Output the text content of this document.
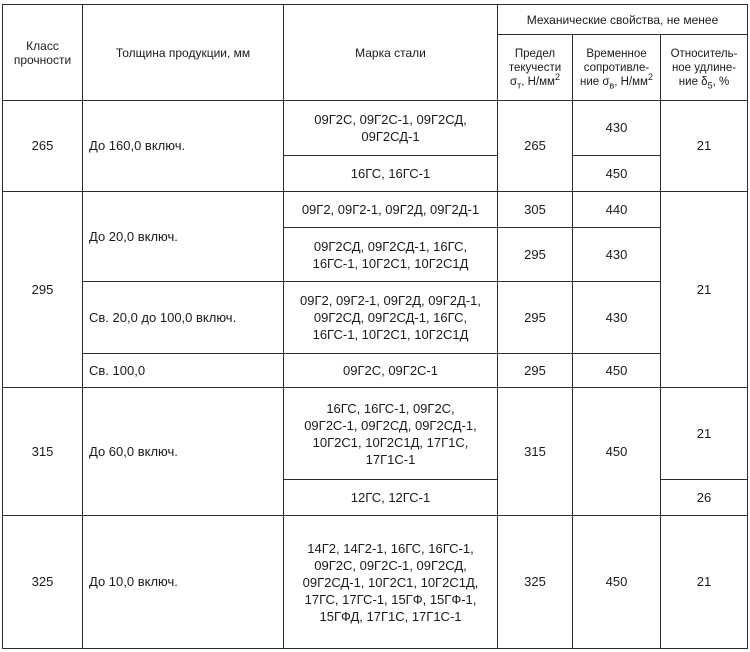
Класс прочности	Толщина продукции, мм	Марка стали	Механические свойства, не менее		
			Предел текучести $\sigma_т$, $Н/мм^2$	Временное сопротивле-ние $\sigma_в$, $Н/мм^2$	Относитель-ное удлине-ние $\delta_5$, %
265	До 160,0 включ.	09Г2С, 09Г2С-1, 09Г2СД,
09Г2СД-1	265	430	21
		16ГС, 16ГС-1		450	
295	До 20,0 включ.	09Г2, 09Г2-1, 09Г2Д, 09Г2Д-1	305	440	21
		09Г2СД, 09Г2СД-1, 16ГС,
16ГС-1, 10Г2С1, 10Г2С1Д	295	430	
	Св. 20,0 до 100,0 включ.	09Г2, 09Г2-1, 09Г2Д, 09Г2Д-1,
09Г2СД, 09Г2СД-1, 16ГС,
16ГС-1, 10Г2С1, 10Г2С1Д	295	430	
	Св. 100,0	09Г2С, 09Г2С-1	295	450	
315	До 60,0 включ.	16ГС, 16ГС-1, 09Г2С,
09Г2С-1, 09Г2СД, 09Г2СД-1,
10Г2С1, 10Г2С1Д, 17Г1С,
17Г1С-1	315	450	21
		12ГС, 12ГС-1			26
325	До 10,0 включ.	14Г2, 14Г2-1, 16ГС, 16ГС-1,
09Г2С, 09Г2С-1, 09Г2СД,
09Г2СД-1, 10Г2С1, 10Г2С1Д,
17ГС, 17ГС-1, 15ГФ, 15ГФ-1,
15ГФД, 17Г1С, 17Г1С-1	325	450	21
